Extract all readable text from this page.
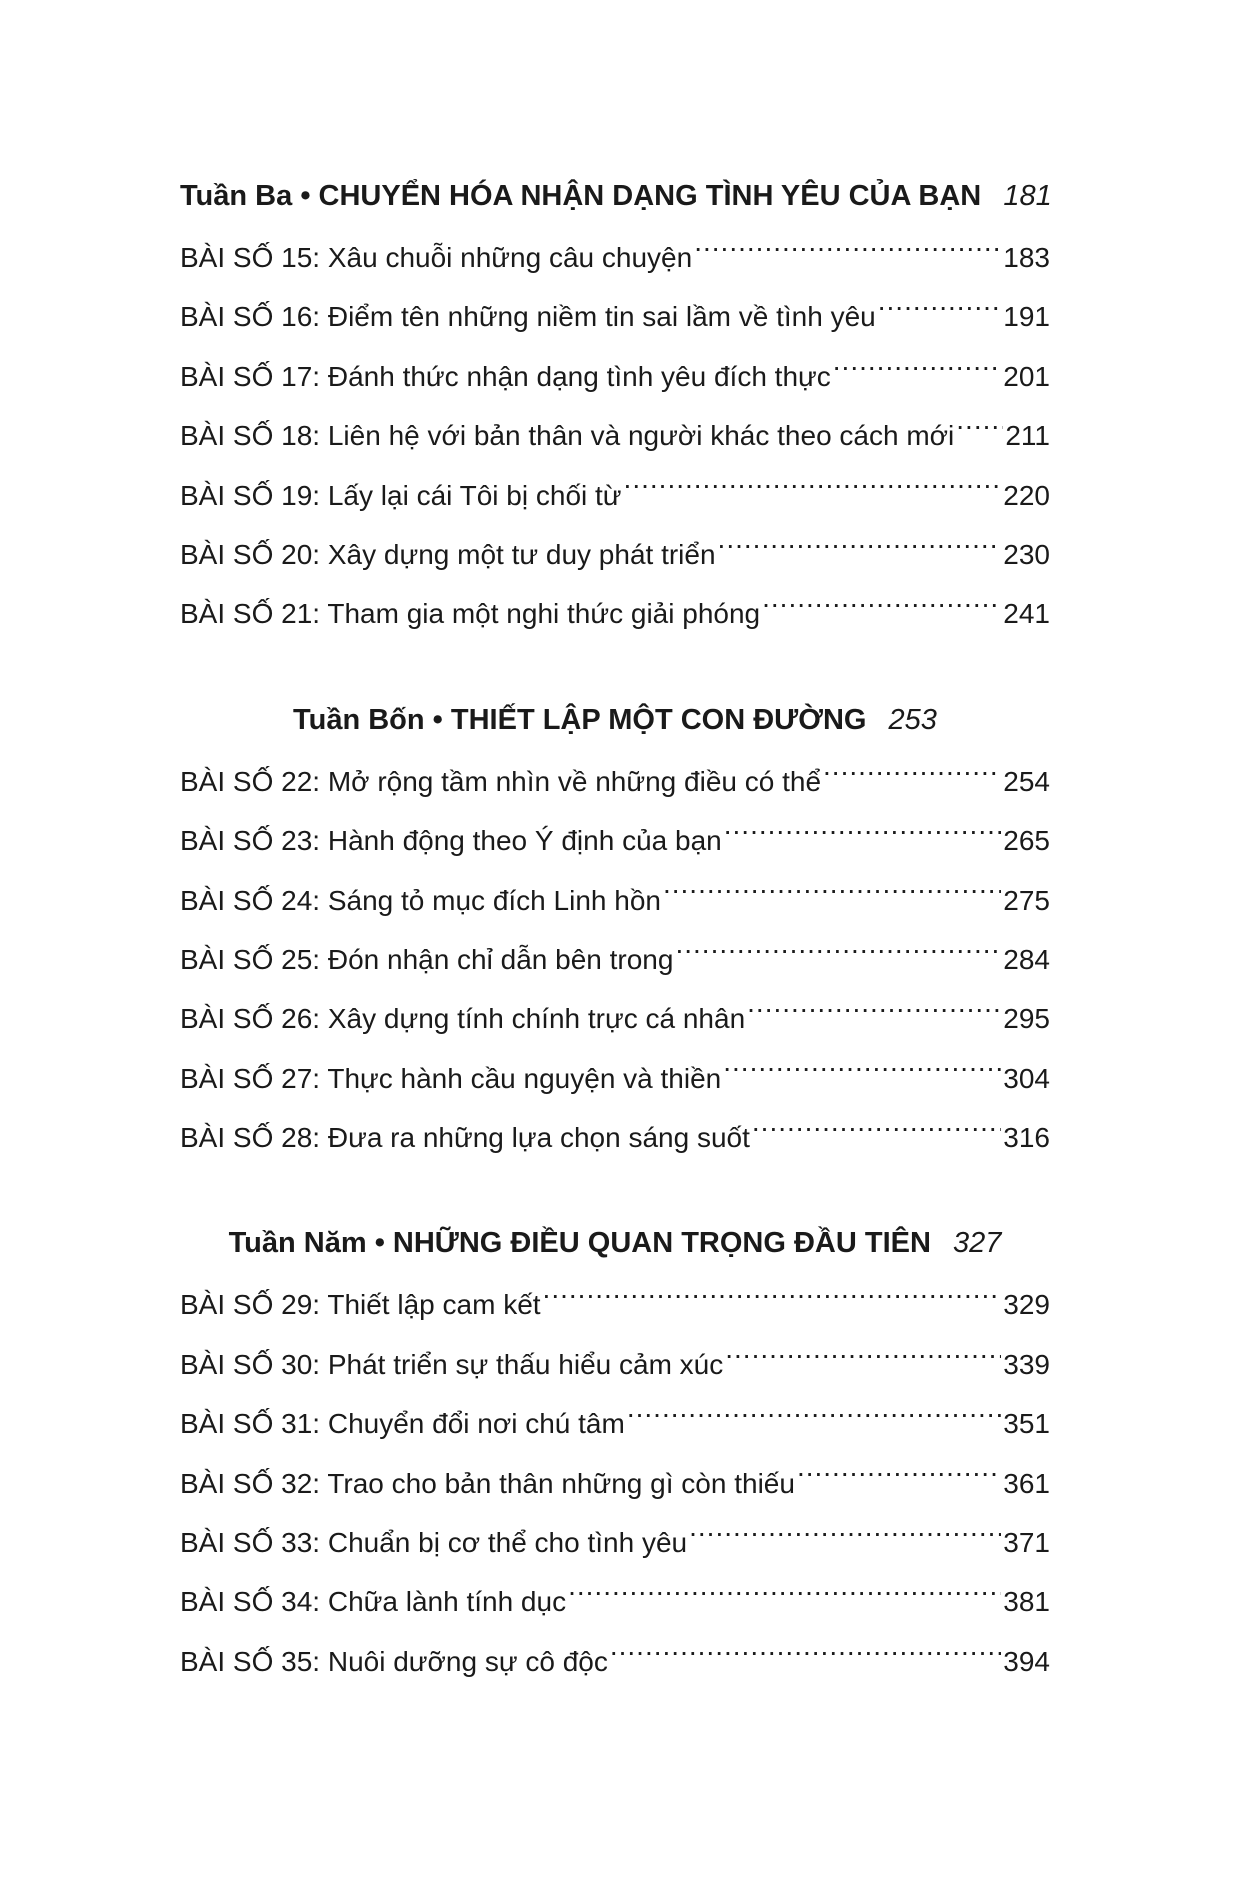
Tuần Ba • CHUYỂN HÓA NHẬN DẠNG TÌNH YÊU CỦA BẠN 181
BÀI SỐ 15: Xâu chuỗi những câu chuyện .....	183
BÀI SỐ 16: Điểm tên những niềm tin sai lầm về tình yêu .....	191
BÀI SỐ 17: Đánh thức nhận dạng tình yêu đích thực .....	201
BÀI SỐ 18: Liên hệ với bản thân và người khác theo cách mới ..... 211
BÀI SỐ 19: Lấy lại cái Tôi bị chối từ .....	220
BÀI SỐ 20: Xây dựng một tư duy phát triển .....	230
BÀI SỐ 21: Tham gia một nghi thức giải phóng .....	241
Tuần Bốn • THIẾT LẬP MỘT CON ĐƯỜNG 253
BÀI SỐ 22: Mở rộng tầm nhìn về những điều có thể .....	254
BÀI SỐ 23: Hành động theo Ý định của bạn .....	265
BÀI SỐ 24: Sáng tỏ mục đích Linh hồn .....	275
BÀI SỐ 25: Đón nhận chỉ dẫn bên trong .....	284
BÀI SỐ 26: Xây dựng tính chính trực cá nhân .....	295
BÀI SỐ 27: Thực hành cầu nguyện và thiền .....	304
BÀI SỐ 28: Đưa ra những lựa chọn sáng suốt .....	316
Tuần Năm • NHỮNG ĐIỀU QUAN TRỌNG ĐẦU TIÊN 327
BÀI SỐ 29: Thiết lập cam kết .....	329
BÀI SỐ 30: Phát triển sự thấu hiểu cảm xúc .....	339
BÀI SỐ 31: Chuyển đổi nơi chú tâm .....	351
BÀI SỐ 32: Trao cho bản thân những gì còn thiếu .....	361
BÀI SỐ 33: Chuẩn bị cơ thể cho tình yêu .....	371
BÀI SỐ 34: Chữa lành tính dục .....	381
BÀI SỐ 35: Nuôi dưỡng sự cô độc .....	394
